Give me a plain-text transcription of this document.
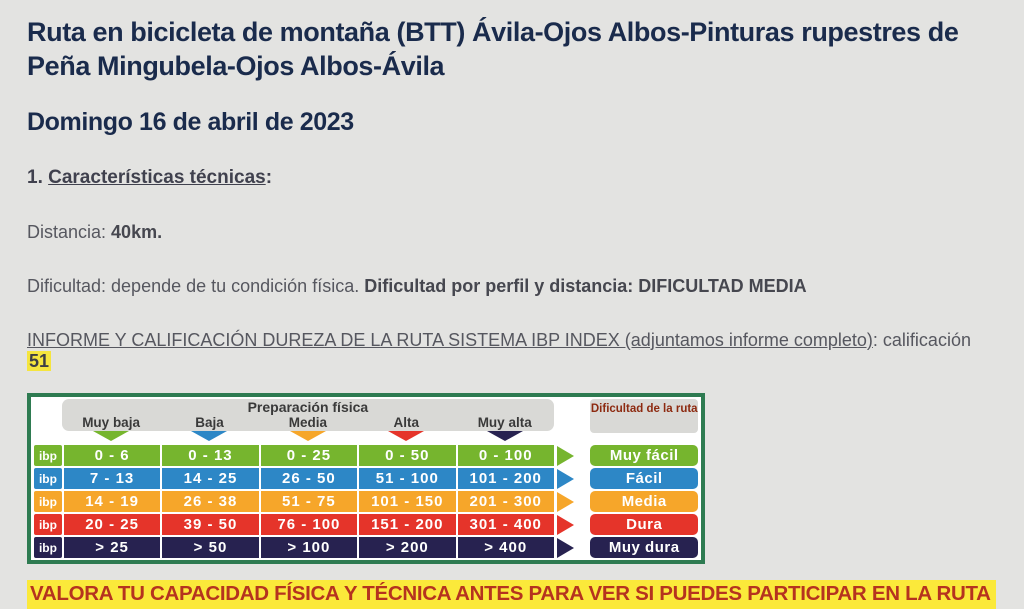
Ruta en bicicleta de montaña (BTT) Ávila-Ojos Albos-Pinturas rupestres de Peña Mingubela-Ojos Albos-Ávila
Domingo 16 de abril de 2023
1. Características técnicas:

Distancia: 40km.

Dificultad: depende de tu condición física. Dificultad por perfil y distancia: DIFICULTAD MEDIA

INFORME Y CALIFICACIÓN DUREZA DE LA RUTA SISTEMA IBP INDEX (adjuntamos informe completo): calificación 51

Preparación física
Muy baja	Baja	Media	Alta	Muy alta
Dificultad de la ruta
ibp	0 - 6	0 - 13	0 - 25	0 - 50	0 - 100	Muy fácil
ibp	7 - 13	14 - 25	26 - 50	51 - 100	101 - 200	Fácil
ibp	14 - 19	26 - 38	51 - 75	101 - 150	201 - 300	Media
ibp	20 - 25	39 - 50	76 - 100	151 - 200	301 - 400	Dura
ibp	> 25	> 50	> 100	> 200	> 400	Muy dura
VALORA TU CAPACIDAD FÍSICA Y TÉCNICA ANTES PARA VER SI PUEDES PARTICIPAR EN LA RUTA
